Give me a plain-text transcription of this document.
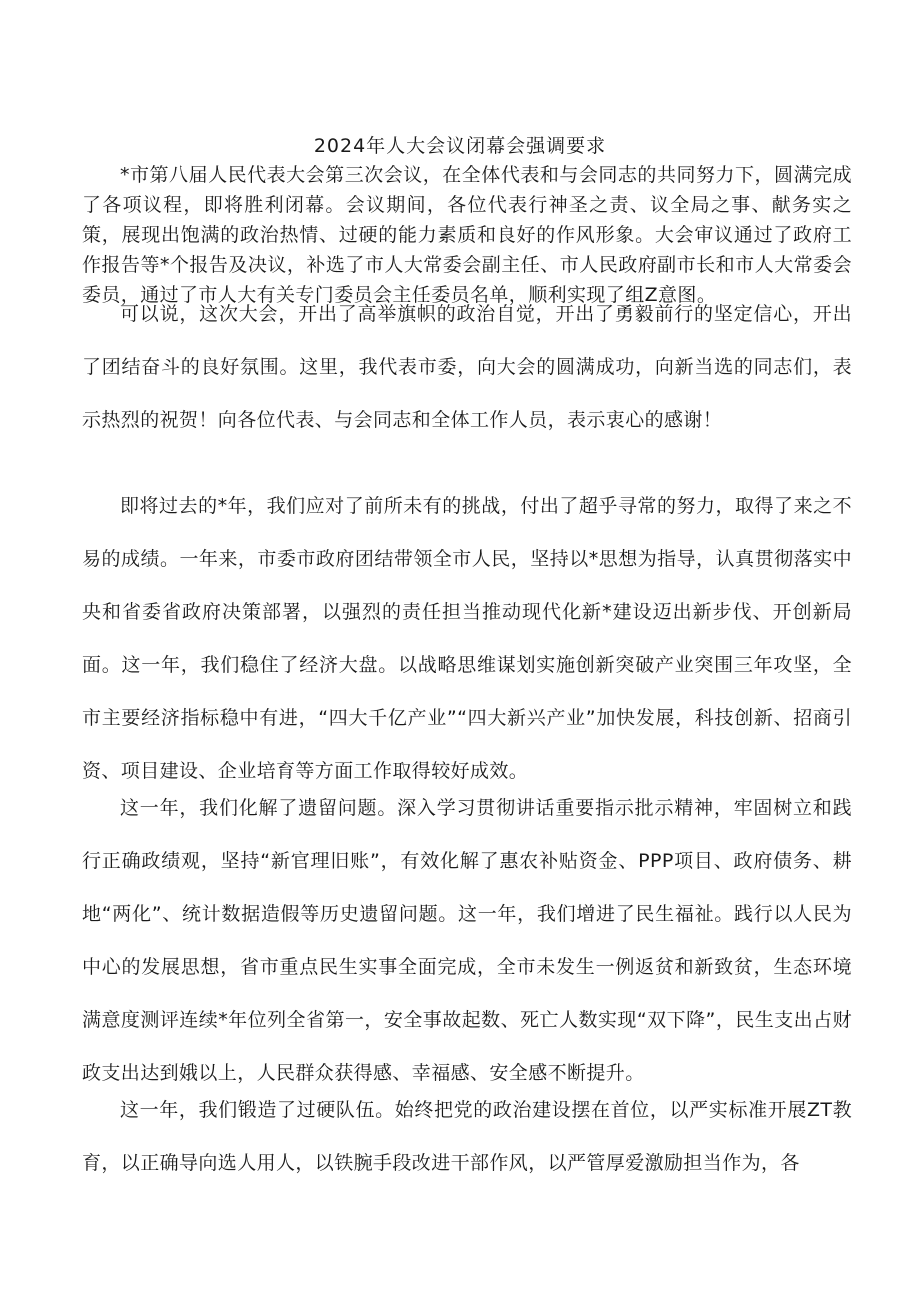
2024年人大会议闭幕会强调要求

*市第八届人民代表大会第三次会议，在全体代表和与会同志的共同努力下，圆满完成了各项议程，即将胜利闭幕。会议期间，各位代表行神圣之责、议全局之事、献务实之策，展现出饱满的政治热情、过硬的能力素质和良好的作风形象。大会审议通过了政府工作报告等*个报告及决议，补选了市人大常委会副主任、市人民政府副市长和市人大常委会委员，通过了市人大有关专门委员会主任委员名单，顺利实现了组Z意图。

可以说，这次大会，开出了高举旗帜的政治自觉，开出了勇毅前行的坚定信心，开出了团结奋斗的良好氛围。这里，我代表市委，向大会的圆满成功，向新当选的同志们，表示热烈的祝贺！向各位代表、与会同志和全体工作人员，表示衷心的感谢！

即将过去的*年，我们应对了前所未有的挑战，付出了超乎寻常的努力，取得了来之不易的成绩。一年来，市委市政府团结带领全市人民，坚持以*思想为指导，认真贯彻落实中央和省委省政府决策部署，以强烈的责任担当推动现代化新*建设迈出新步伐、开创新局面。这一年，我们稳住了经济大盘。以战略思维谋划实施创新突破产业突围三年攻坚，全市主要经济指标稳中有进，“四大千亿产业”“四大新兴产业”加快发展，科技创新、招商引资、项目建设、企业培育等方面工作取得较好成效。

这一年，我们化解了遗留问题。深入学习贯彻讲话重要指示批示精神，牢固树立和践行正确政绩观，坚持“新官理旧账”，有效化解了惠农补贴资金、PPP项目、政府债务、耕地“两化”、统计数据造假等历史遗留问题。这一年，我们增进了民生福祉。践行以人民为中心的发展思想，省市重点民生实事全面完成，全市未发生一例返贫和新致贫，生态环境满意度测评连续*年位列全省第一，安全事故起数、死亡人数实现“双下降”，民生支出占财政支出达到娥以上，人民群众获得感、幸福感、安全感不断提升。

这一年，我们锻造了过硬队伍。始终把党的政治建设摆在首位，以严实标准开展ZT教育，以正确导向选人用人，以铁腕手段改进干部作风，以严管厚爱激励担当作为，各
